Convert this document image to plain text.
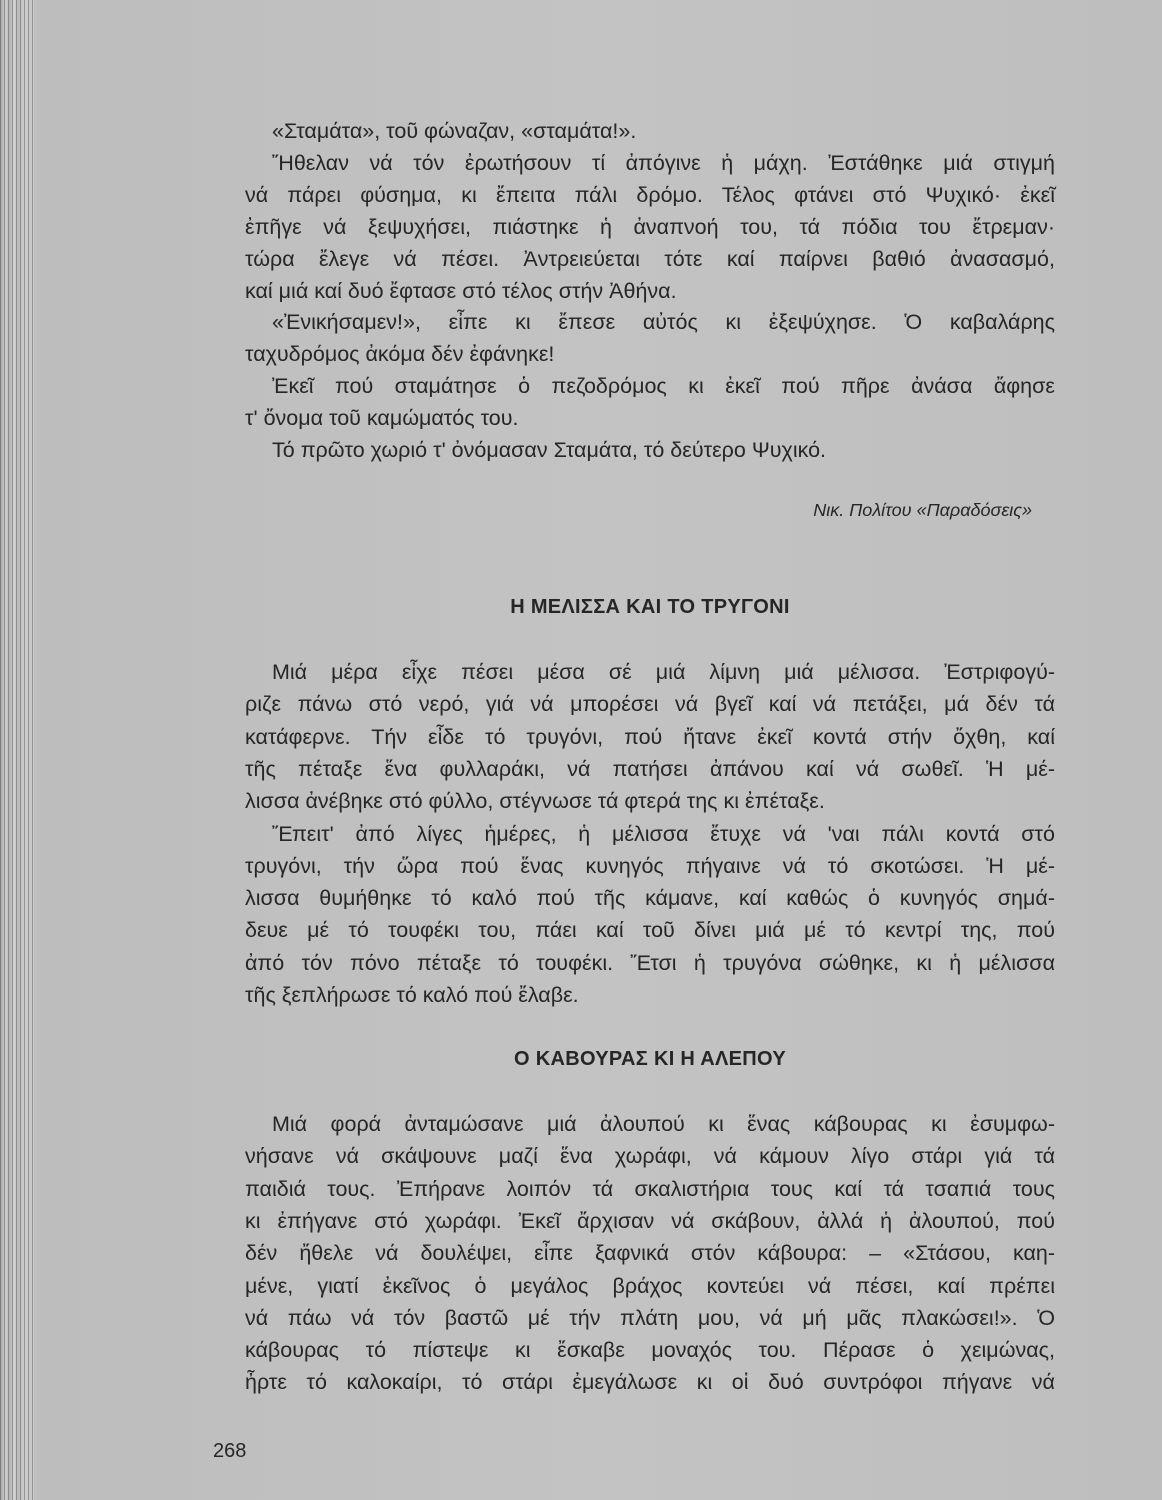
«Σταμάτα», τοῦ φώναζαν, «σταμάτα!».
Ἤθελαν νά τόν ἐρωτήσουν τί ἀπόγινε ἡ μάχη. Ἐστάθηκε μιά στιγμή
νά πάρει φύσημα, κι ἔπειτα πάλι δρόμο. Τέλος φτάνει στό Ψυχικό· ἐκεῖ
ἐπῆγε νά ξεψυχήσει, πιάστηκε ἡ ἀναπνοή του, τά πόδια του ἔτρεμαν·
τώρα ἔλεγε νά πέσει. Ἀντρειεύεται τότε καί παίρνει βαθιό ἀνασασμό,
καί μιά καί δυό ἔφτασε στό τέλος στήν Ἀθήνα.
«Ἐνικήσαμεν!», εἶπε κι ἔπεσε αὐτός κι ἐξεψύχησε. Ὁ καβαλάρης
ταχυδρόμος ἀκόμα δέν ἐφάνηκε!
Ἐκεῖ πού σταμάτησε ὁ πεζοδρόμος κι ἐκεῖ πού πῆρε ἀνάσα ἄφησε
τ' ὄνομα τοῦ καμώματός του.
Τό πρῶτο χωριό τ' ὀνόμασαν Σταμάτα, τό δεύτερο Ψυχικό.
Νικ. Πολίτου «Παραδόσεις»
Η ΜΕΛΙΣΣΑ ΚΑΙ ΤΟ ΤΡΥΓΟΝΙ
Μιά μέρα εἶχε πέσει μέσα σέ μιά λίμνη μιά μέλισσα. Ἐστριφογύ-
ριζε πάνω στό νερό, γιά νά μπορέσει νά βγεῖ καί νά πετάξει, μά δέν τά
κατάφερνε. Τήν εἶδε τό τρυγόνι, πού ἤτανε ἐκεῖ κοντά στήν ὄχθη, καί
τῆς πέταξε ἕνα φυλλαράκι, νά πατήσει ἀπάνου καί νά σωθεῖ. Ἡ μέ-
λισσα ἀνέβηκε στό φύλλο, στέγνωσε τά φτερά της κι ἐπέταξε.
Ἔπειτ' ἀπό λίγες ἡμέρες, ἡ μέλισσα ἔτυχε νά 'ναι πάλι κοντά στό
τρυγόνι, τήν ὥρα πού ἕνας κυνηγός πήγαινε νά τό σκοτώσει. Ἡ μέ-
λισσα θυμήθηκε τό καλό πού τῆς κάμανε, καί καθώς ὁ κυνηγός σημά-
δευε μέ τό τουφέκι του, πάει καί τοῦ δίνει μιά μέ τό κεντρί της, πού
ἀπό τόν πόνο πέταξε τό τουφέκι. Ἔτσι ἡ τρυγόνα σώθηκε, κι ἡ μέλισσα
τῆς ξεπλήρωσε τό καλό πού ἔλαβε.
Ο ΚΑΒΟΥΡΑΣ ΚΙ Η ΑΛΕΠΟΥ
Μιά φορά ἀνταμώσανε μιά ἀλουπού κι ἕνας κάβουρας κι ἐσυμφω-
νήσανε νά σκάψουνε μαζί ἕνα χωράφι, νά κάμουν λίγο στάρι γιά τά
παιδιά τους. Ἐπήρανε λοιπόν τά σκαλιστήρια τους καί τά τσαπιά τους
κι ἐπήγανε στό χωράφι. Ἐκεῖ ἄρχισαν νά σκάβουν, ἀλλά ἡ ἀλουπού, πού
δέν ἤθελε νά δουλέψει, εἶπε ξαφνικά στόν κάβουρα: – «Στάσου, καη-
μένε, γιατί ἐκεῖνος ὁ μεγάλος βράχος κοντεύει νά πέσει, καί πρέπει
νά πάω νά τόν βαστῶ μέ τήν πλάτη μου, νά μή μᾶς πλακώσει!». Ὁ
κάβουρας τό πίστεψε κι ἔσκαβε μοναχός του. Πέρασε ὁ χειμώνας,
ἦρτε τό καλοκαίρι, τό στάρι ἐμεγάλωσε κι οἱ δυό συντρόφοι πήγανε νά
268
